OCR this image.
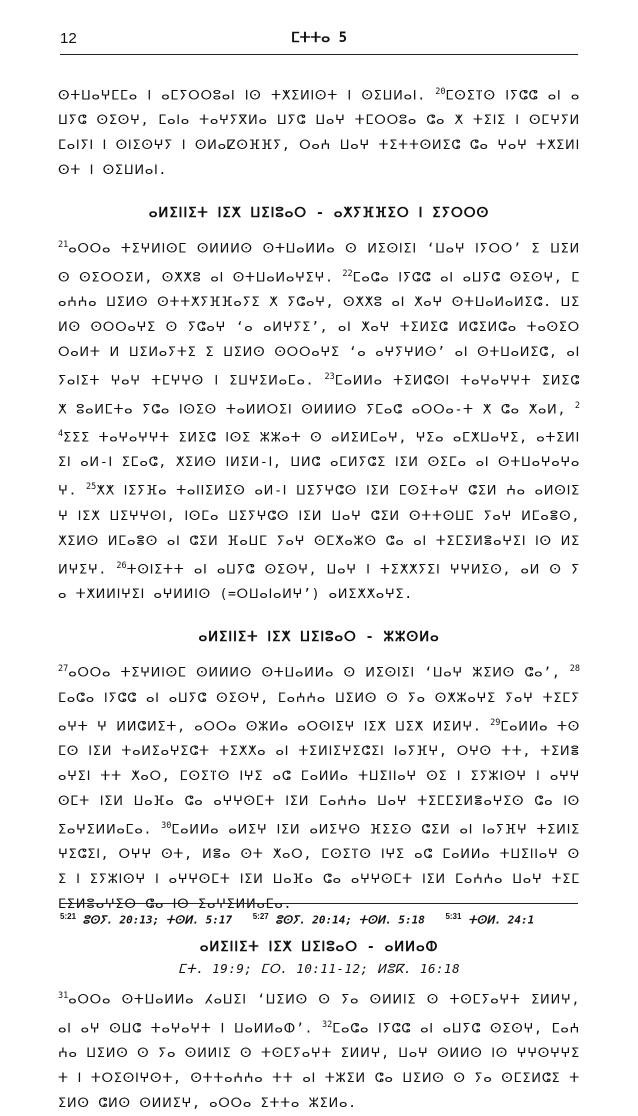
12	ⵎⵜⵜⴰ 5

ⵙⵜⵡⴰⵖⵎⵎⴰ ⵏ ⴰⵎⵢⵔⵔⵓⴰⵏ ⵏⵙ ⵜⵅⵉⵍⵏⵙⵜ ⵏ ⵙⵉⵡⵍⴰⵏ. $^{20}$ⵎⵙⵉⴶⵙ ⵏⵢⵛⵛ ⴰⵏ ⴰⵡⵢⵛ ⵙⵉⵙⵖ, ⵎⴰⵏⴰ ⵜⴰⵖⵢⴳⵍⴰ ⵡⵢⵛ ⵡⴰⵖ ⵜⵎⵔⵔⵓⴰ ⵛⴰ ⵅ ⵜⵉⵏⵉ ⵏ ⵙⵎⵖⵢⵍⵎⴰⵏⵢⵏ ⵏ ⵙⵏⵉⵙⵖⵢ ⵏ ⵙⵍⴰⵇⵙⴼⴼⵢ, ⵔⴰⵄ ⵡⴰⵖ ⵜⵉⵜⵜⵙⵍⵉⵛ ⵛⴰ ⵖⴰⵖ ⵜⵅⵉⵍⵏⵙⵜ ⵏ ⵙⵉⵡⵍⴰⵏ.

ⴰⵍⵉⵏⵏⵉⵜ ⵏⵉⵅ ⵡⵉⵏⵓⴰⵔ - ⴰⵅⵢⴼⴼⵉⵔ ⵏ ⵉⵢⵔⵔⵙ

$^{21}$ⴰⵔⵔⴰ ⵜⵉⵖⵍⵏⵙⵎ ⵙⵍⵍⵍⵙ ⵙⵜⵡⴰⵍⵍⴰ ⵙ ⵍⵉⵙⵏⵉⵏ ‘ⵡⴰⵖ ⵏⵢⵔⵔ’ ⵉ ⵡⵉⵍⵙ ⵙⵉⵔⵔⵉⵍ, ⵙⵅⵅⵓ ⴰⵏ ⵙⵜⵡⴰⵍⴰⵖⵉⵖ. $^{22}$ⵎⴰⵛⴰ ⵏⵢⵛⵛ ⴰⵏ ⴰⵡⵢⵛ ⵙⵉⵙⵖ, ⵎⴰⵄⵄⴰ ⵡⵉⵍⵙ ⵙⵜⵜⵅⵢⴼⴼⴰⵢⵉ ⵅ ⵢⵛⴰⵖ, ⵙⵅⵅⵓ ⴰⵏ ⵅⴰⵖ ⵙⵜⵡⴰⵍⴰⵍⵉⵛ. ⵡⵉⵍⵙ ⵙⵔⵔⴰⵖⵉ ⵙ ⵢⵛⴰⵖ ‘ⴰ ⴰⵍⵖⵢⵉ’, ⴰⵏ ⵅⴰⵖ ⵜⵉⵍⵉⵛ ⵍⵛⵉⵍⵛⴰ ⵜⴰⵙⵉⵔⵔⴰⵍⵜ ⵍ ⵡⵉⵍⴰⵢⵜⵉ ⵉ ⵡⵉⵍⵙ ⵙⵔⵔⴰⵖⵉ ‘ⴰ ⴰⵖⵢⵖⵍⵙ’ ⴰⵏ ⵙⵜⵡⴰⵍⵉⵛ, ⴰⵏ ⵢⴰⵏⵉⵜ ⵖⴰⵖ ⵜⵎⵖⵖⵙ ⵏ ⵉⵡⵖⵉⵍⴰⵎⴰ. $^{23}$ⵎⴰⵍⵍⴰ ⵜⵉⵍⵛⵙⵏ ⵜⴰⵖⴰⵖⵖⵜ ⵉⵍⵉⵛ ⵅ ⵓⴰⵍⵎⵜⴰ ⵢⵛⴰ ⵏⵙⵉⵙ ⵜⴰⵍⵍⵔⵉⵏ ⵙⵍⵍⵍⵙ ⵢⵎⴰⵛ ⴰⵔⵔⴰ-ⵜ ⵅ ⵛⴰ ⵅⴰⵍ, $^{24}$ⵉⵉⵉ ⵜⴰⵖⴰⵖⵖⵜ ⵉⵍⵉⵛ ⵏⵙⵉ ⵣⵣⴰⵜ ⵙ ⴰⵍⵉⵍⵎⴰⵖ, ⵖⵉⴰ ⴰⵎⵅⵡⴰⵖⵉ, ⴰⵜⵉⵍⵏⵉⵏ ⴰⵍ-ⵏ ⵉⵎⴰⵛ, ⵅⵉⵍⵙ ⵏⵍⵉⵍ-ⵏ, ⵡⵍⵛ ⴰⵎⵍⵢⵛⵉ ⵏⵉⵍ ⵙⵉⵎⴰ ⴰⵏ ⵙⵜⵡⴰⵖⴰⵖⴰⵖ. $^{25}$ⵅⵅ ⵏⵉⵢⴼⴰ ⵜⴰⵏⵏⵉⵍⵉⵙ ⴰⵍ-ⵏ ⵡⵉⵢⵖⵛⵙ ⵏⵉⵍ ⵎⵙⵉⵜⴰⵖ ⵛⵉⵍ ⵄⴰ ⴰⵍⵙⵏⵉⵖ ⵏⵉⵅ ⵡⵉⵖⵖⵙⵏ, ⵏⵙⵎⴰ ⵡⵉⵢⵖⵛⵙ ⵏⵉⵍ ⵡⴰⵖ ⵛⵉⵍ ⵙⵜⵜⵙⵡⵎ ⵢⴰⵖ ⵍⵎⴰⴻⵙ, ⵅⵉⵍⵙ ⵍⵎⴰⴻⵙ ⴰⵏ ⵛⵉⵍ ⴼⴰⵡⵎ ⵢⴰⵖ ⵙⵎⵅⴰⵣⵙ ⵛⴰ ⴰⵏ ⵜⵉⵎⵉⵍⴻⴰⵖⵉⵏ ⵏⵙ ⵍⵉⵍⵖⵉⵖ. $^{26}$ⵜⵙⵏⵉⵜⵜ ⴰⵏ ⴰⵡⵢⵛ ⵙⵉⵙⵖ, ⵡⴰⵖ ⵏ ⵜⵉⵅⵅⵢⵉⵏ ⵖⵖⵍⵉⵙ, ⴰⵍ ⵙ ⵢⴰ ⵜⵅⵍⵍⵏⵖⵉⵏ ⴰⵖⵍⵍⵏⵙ (=ⵔⵡⴰⵏⴰⵍⵖ’) ⴰⵍⵉⵅⵅⴰⵖⵉ.

ⴰⵍⵉⵏⵏⵉⵜ ⵏⵉⵅ ⵡⵉⵏⵓⴰⵔ - ⵣⵣⵙⵍⴰ

$^{27}$ⴰⵔⵔⴰ ⵜⵉⵖⵍⵏⵙⵎ ⵙⵍⵍⵍⵙ ⵙⵜⵡⴰⵍⵍⴰ ⵙ ⵍⵉⵙⵏⵉⵏ ‘ⵡⴰⵖ ⵣⵉⵍⵙ ⵛⴰ’, $^{28}$ⵎⴰⵛⴰ ⵏⵢⵛⵛ ⴰⵏ ⴰⵡⵢⵛ ⵙⵉⵙⵖ, ⵎⴰⵄⵄⴰ ⵡⵉⵍⵙ ⵙ ⵢⴰ ⵙⵅⵣⴰⵖⵉ ⵢⴰⵖ ⵜⵉⵎⵢⴰⵖⵜ ⵖ ⵍⵍⵛⵍⵉⵜ, ⴰⵔⵔⴰ ⵙⵣⵍⴰ ⴰⵔⵙⵏⵉⵖ ⵏⵉⵅ ⵡⵉⵅ ⵍⵉⵍⵖ. $^{29}$ⵎⴰⵍⵍⴰ ⵜⵙⵎⵙ ⵏⵉⵍ ⵜⴰⵍⵉⴰⵖⵉⵛⵜ ⵜⵉⵅⵅⴰ ⴰⵏ ⵜⵉⵍⵏⵉⵖⵉⵛⵉⵏ ⵏⴰⵢⴼⵖ, ⵔⵖⵙ ⵜⵜ, ⵜⵉⵍⴻⴰⵖⵉⵏ ⵜⵜ ⵅⴰⵔ, ⵎⵙⵉⴶⵙ ⵏⵖⵉ ⴰⵛ ⵎⴰⵍⵍⴰ ⵜⵡⵉⵏⵏⴰⵖ ⵙⵉ ⵏ ⵉⵢⵣⵏⵙⵖ ⵏ ⴰⵖⵖⵙⵎⵜ ⵏⵉⵍ ⵡⴰⴼⴰ ⵛⴰ ⴰⵖⵖⵙⵎⵜ ⵏⵉⵍ ⵎⴰⵄⵄⴰ ⵡⴰⵖ ⵜⵉⵎⵎⵉⵍⴻⴰⵖⵉⵙ ⵛⴰ ⵏⵙ ⵉⴰⵖⵉⵍⵍⴰⵎⴰ. $^{30}$ⵎⴰⵍⵍⴰ ⴰⵍⵉⵖ ⵏⵉⵍ ⴰⵍⵉⵖⵙ ⴼⵉⵉⵙ ⵛⵉⵍ ⴰⵏ ⵏⴰⵢⴼⵖ ⵜⵉⵍⵏⵉⵖⵉⵛⵉⵏ, ⵔⵖⵖ ⵙⵜ, ⵍⴻⴰ ⵙⵜ ⵅⴰⵔ, ⵎⵙⵉⴶⵙ ⵏⵖⵉ ⴰⵛ ⵎⴰⵍⵍⴰ ⵜⵡⵉⵏⵏⴰⵖ ⵙⵉ ⵏ ⵉⵢⵣⵏⵙⵖ ⵏ ⴰⵖⵖⵙⵎⵜ ⵏⵉⵍ ⵡⴰⴼⴰ ⵛⴰ ⴰⵖⵖⵙⵎⵜ ⵏⵉⵍ ⵎⴰⵄⵄⴰ ⵡⴰⵖ ⵜⵉⵎⵎⵉⵍⴻⴰⵖⵉⵙ ⵛⴰ ⵏⵙ ⵉⴰⵖⵉⵍⵍⴰⵎⴰ.

ⴰⵍⵉⵏⵏⵉⵜ ⵏⵉⵅ ⵡⵉⵏⵓⴰⵔ - ⴰⵍⵍⴰⵀ
ⵎⵜ. 19:9; ⵎⵔ. 10:11-12; ⵍⵓⴽ. 16:18

$^{31}$ⴰⵔⵔⴰ ⵙⵜⵡⴰⵍⵍⴰ ⵃⴰⵡⵉⵏ ‘ⵡⵉⵍⵙ ⵙ ⵢⴰ ⵙⵍⵍⵏⵉ ⵙ ⵜⵙⵎⵢⴰⵖⵜ ⵉⵍⵍⵖ, ⴰⵏ ⴰⵖ ⵙⵡⵛ ⵜⴰⵖⴰⵖⵜ ⵏ ⵡⴰⵍⵍⴰⵀ’. $^{32}$ⵎⴰⵛⴰ ⵏⵢⵛⵛ ⴰⵏ ⴰⵡⵢⵛ ⵙⵉⵙⵖ, ⵎⴰⵄⵄⴰ ⵡⵉⵍⵙ ⵙ ⵢⴰ ⵙⵍⵍⵏⵉ ⵙ ⵜⵙⵎⵢⴰⵖⵜ ⵉⵍⵍⵖ, ⵡⴰⵖ ⵙⵍⵍⵙ ⵏⵙ ⵖⵖⵙⵖⵖⵉⵜ ⵏ ⵜⵔⵉⵙⵏⵖⵙⵜ, ⵙⵜⵜⴰⵄⵄⴰ ⵜⵜ ⴰⵏ ⵜⵣⵉⵍ ⵛⴰ ⵡⵉⵍⵙ ⵙ ⵢⴰ ⵙⵎⵉⵍⵛⵉ ⵜⵉⵍⵙ ⵛⵍⵙ ⵙⵍⵍⵉⵖ, ⴰⵔⵔⴰ ⵉⵜⵜⴰ ⵣⵉⵍⴰ.

$^{5:21}$ ⵓⵙⵢ. 20:13; ⵜⵙⵍ. 5:17	$^{5:27}$ ⵓⵙⵢ. 20:14; ⵜⵙⵍ. 5:18	$^{5:31}$ ⵜⵙⵍ. 24:1
